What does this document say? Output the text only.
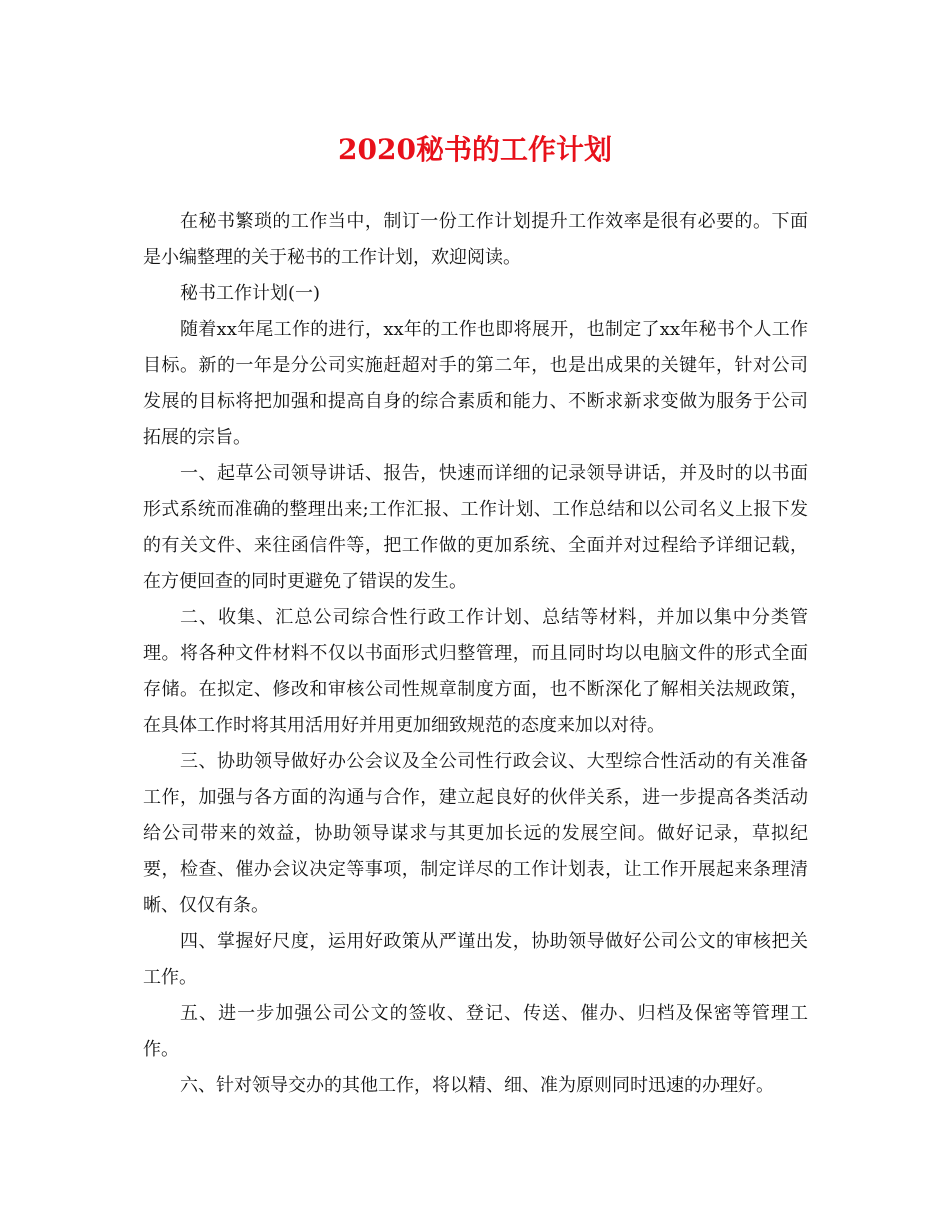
2020秘书的工作计划

在秘书繁琐的工作当中，制订一份工作计划提升工作效率是很有必要的。下面是小编整理的关于秘书的工作计划，欢迎阅读。

秘书工作计划(一)

随着xx年尾工作的进行，xx年的工作也即将展开，也制定了xx年秘书个人工作目标。新的一年是分公司实施赶超对手的第二年，也是出成果的关键年，针对公司发展的目标将把加强和提高自身的综合素质和能力、不断求新求变做为服务于公司拓展的宗旨。

一、起草公司领导讲话、报告，快速而详细的记录领导讲话，并及时的以书面形式系统而准确的整理出来;工作汇报、工作计划、工作总结和以公司名义上报下发的有关文件、来往函信件等，把工作做的更加系统、全面并对过程给予详细记载，在方便回查的同时更避免了错误的发生。

二、收集、汇总公司综合性行政工作计划、总结等材料，并加以集中分类管理。将各种文件材料不仅以书面形式归整管理，而且同时均以电脑文件的形式全面存储。在拟定、修改和审核公司性规章制度方面，也不断深化了解相关法规政策，在具体工作时将其用活用好并用更加细致规范的态度来加以对待。

三、协助领导做好办公会议及全公司性行政会议、大型综合性活动的有关准备工作，加强与各方面的沟通与合作，建立起良好的伙伴关系，进一步提高各类活动给公司带来的效益，协助领导谋求与其更加长远的发展空间。做好记录，草拟纪要，检查、催办会议决定等事项，制定详尽的工作计划表，让工作开展起来条理清晰、仅仅有条。

四、掌握好尺度，运用好政策从严谨出发，协助领导做好公司公文的审核把关工作。

五、进一步加强公司公文的签收、登记、传送、催办、归档及保密等管理工作。

六、针对领导交办的其他工作，将以精、细、准为原则同时迅速的办理好。
